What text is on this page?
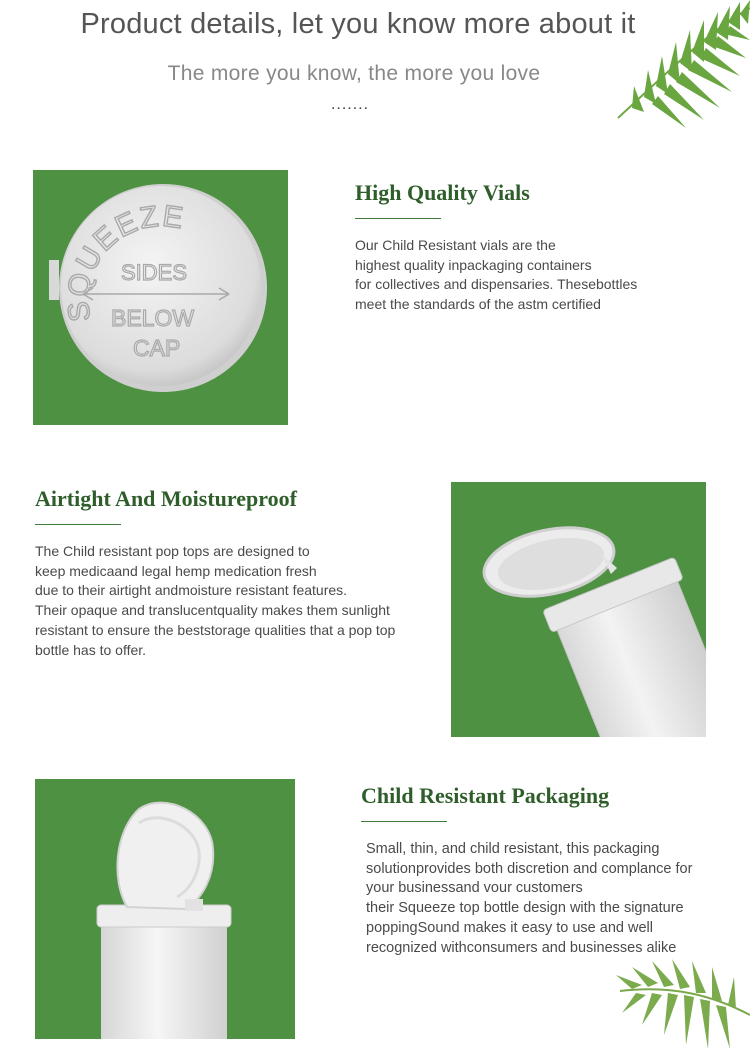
Product details, let you know more about it
The more you know, the more you love
.......
SQUEEZE
SIDES
BELOW
CAP
High Quality Vials
Our Child Resistant vials are the
highest quality inpackaging containers
for collectives and dispensaries. Thesebottles
meet the standards of the astm certified
Airtight And Moistureproof
The Child resistant pop tops are designed to
keep medicaand legal hemp medication fresh
due to their airtight andmoisture resistant features.
Their opaque and translucentquality makes them sunlight
resistant to ensure the beststorage qualities that a pop top
bottle has to offer.
Child Resistant Packaging
Small, thin, and child resistant, this packaging
solutionprovides both discretion and complance for
your businessand vour customers
their Squeeze top bottle design with the signature
poppingSound makes it easy to use and well
recognized withconsumers and businesses alike
